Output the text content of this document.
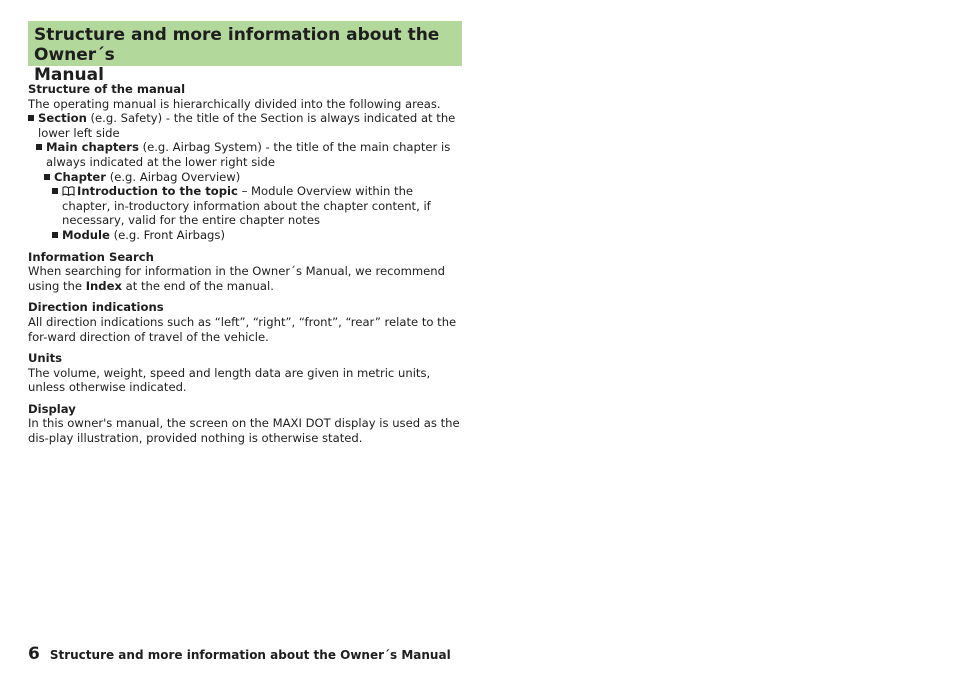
Structure and more information about the Owner´s
Manual
Structure of the manual
The operating manual is hierarchically divided into the following areas.
Section (e.g. Safety) - the title of the Section is always indicated at the lower left side
Main chapters (e.g. Airbag System) - the title of the main chapter is always indicated at the lower right side
Chapter (e.g. Airbag Overview)
Introduction to the topic – Module Overview within the chapter, in-troductory information about the chapter content, if necessary, valid for the entire chapter notes
Module (e.g. Front Airbags)
Information Search
When searching for information in the Owner´s Manual, we recommend using the Index at the end of the manual.
Direction indications
All direction indications such as “left”, “right”, “front”, “rear” relate to the for-ward direction of travel of the vehicle.
Units
The volume, weight, speed and length data are given in metric units, unless otherwise indicated.
Display
In this owner's manual, the screen on the MAXI DOT display is used as the dis-play illustration, provided nothing is otherwise stated.
6 Structure and more information about the Owner´s Manual
